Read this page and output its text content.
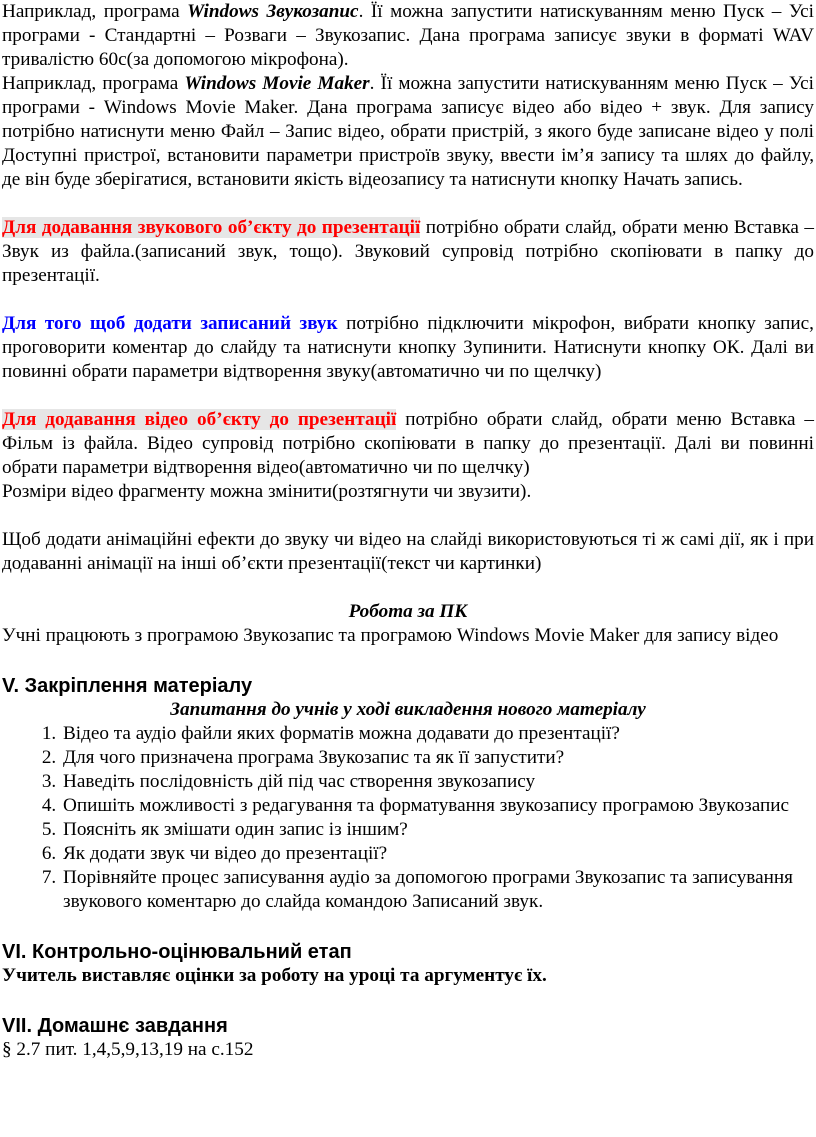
Наприклад, програма Windows Звукозапис. Її можна запустити натискуванням меню Пуск – Усі програми - Стандартні – Розваги – Звукозапис. Дана програма записує звуки в форматі WAV тривалістю 60с(за допомогою мікрофона).

Наприклад, програма Windows Movie Maker. Її можна запустити натискуванням меню Пуск – Усі програми - Windows Movie Maker. Дана програма записує відео або відео + звук. Для запису потрібно натиснути меню Файл – Запис відео, обрати пристрій, з якого буде записане відео у полі Доступні пристрої, встановити параметри пристроїв звуку, ввести ім’я запису та шлях до файлу, де він буде зберігатися, встановити якість відеозапису та натиснути кнопку Начать запись.

Для додавання звукового об’єкту до презентації потрібно обрати слайд, обрати меню Вставка – Звук из файла.(записаний звук, тощо). Звуковий супровід потрібно скопіювати в папку до презентації.

Для того щоб додати записаний звук потрібно підключити мікрофон, вибрати кнопку запис, проговорити коментар до слайду та натиснути кнопку Зупинити. Натиснути кнопку ОК. Далі ви повинні обрати параметри відтворення звуку(автоматично чи по щелчку)

Для додавання відео об’єкту до презентації потрібно обрати слайд, обрати меню Вставка – Фільм із файла. Відео супровід потрібно скопіювати в папку до презентації. Далі ви повинні обрати параметри відтворення відео(автоматично чи по щелчку)

Розміри відео фрагменту можна змінити(розтягнути чи звузити).

Щоб додати анімаційні ефекти до звуку чи відео на слайді використовуються ті ж самі дії, як і при додаванні анімації на інші об’єкти презентації(текст чи картинки)

Робота за ПК

Учні працюють з програмою Звукозапис та програмою Windows Movie Maker для запису відео

V. Закріплення матеріалу

Запитання до учнів у ході викладення нового матеріалу

1. Відео та аудіо файли яких форматів можна додавати до презентації?
2. Для чого призначена програма Звукозапис та як її запустити?
3. Наведіть послідовність дій під час створення звукозапису
4. Опишіть можливості з редагування та форматування звукозапису програмою Звукозапис
5. Поясніть як змішати один запис із іншим?
6. Як додати звук чи відео до презентації?
7. Порівняйте процес записування аудіо за допомогою програми Звукозапис та записування звукового коментарю до слайда командою Записаний звук.
VI. Контрольно-оцінювальний етап

Учитель виставляє оцінки за роботу на уроці та аргументує їх.

VII. Домашнє завдання

§ 2.7 пит. 1,4,5,9,13,19 на с.152
